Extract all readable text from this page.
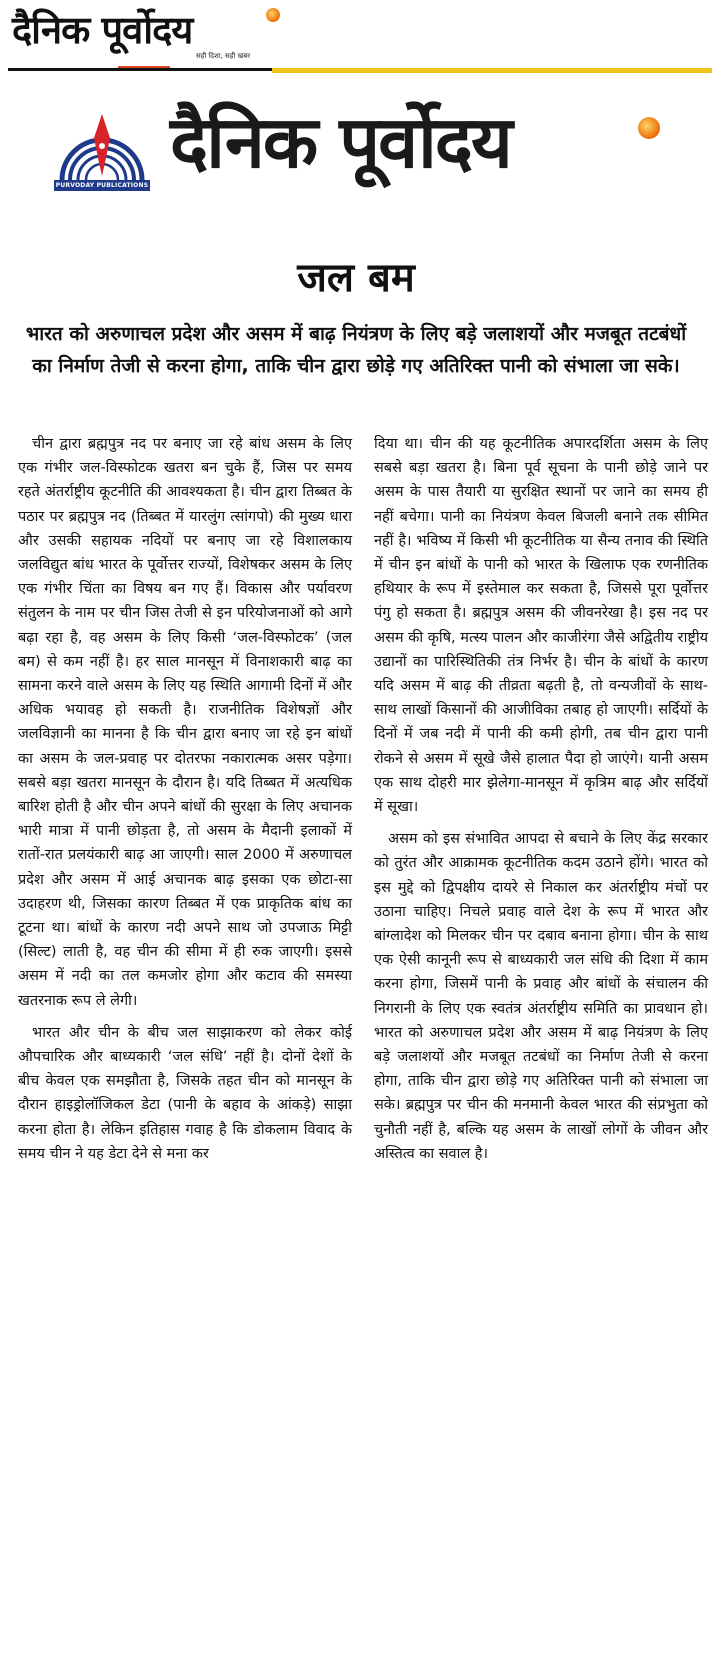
दैनिक पूर्वोदय
सही दिशा, सही खबर
PURVODAY PUBLICATIONS
दैनिक पूर्वोदय
जल बम
भारत को अरुणाचल प्रदेश और असम में बाढ़ नियंत्रण के लिए बड़े जलाशयों और मजबूत तटबंधों का निर्माण तेजी से करना होगा, ताकि चीन द्वारा छोड़े गए अतिरिक्त पानी को संभाला जा सके।

चीन द्वारा ब्रह्मपुत्र नद पर बनाए जा रहे बांध असम के लिए एक गंभीर जल-विस्फोटक खतरा बन चुके हैं, जिस पर समय रहते अंतर्राष्ट्रीय कूटनीति की आवश्यकता है। चीन द्वारा तिब्बत के पठार पर ब्रह्मपुत्र नद (तिब्बत में यारलुंग त्सांगपो) की मुख्य धारा और उसकी सहायक नदियों पर बनाए जा रहे विशालकाय जलविद्युत बांध भारत के पूर्वोत्तर राज्यों, विशेषकर असम के लिए एक गंभीर चिंता का विषय बन गए हैं। विकास और पर्यावरण संतुलन के नाम पर चीन जिस तेजी से इन परियोजनाओं को आगे बढ़ा रहा है, वह असम के लिए किसी ‘जल-विस्फोटक’ (जल बम) से कम नहीं है। हर साल मानसून में विनाशकारी बाढ़ का सामना करने वाले असम के लिए यह स्थिति आगामी दिनों में और अधिक भयावह हो सकती है। राजनीतिक विशेषज्ञों और जलविज्ञानी का मानना है कि चीन द्वारा बनाए जा रहे इन बांधों का असम के जल-प्रवाह पर दोतरफा नकारात्मक असर पड़ेगा। सबसे बड़ा खतरा मानसून के दौरान है। यदि तिब्बत में अत्यधिक बारिश होती है और चीन अपने बांधों की सुरक्षा के लिए अचानक भारी मात्रा में पानी छोड़ता है, तो असम के मैदानी इलाकों में रातों-रात प्रलयंकारी बाढ़ आ जाएगी। साल 2000 में अरुणाचल प्रदेश और असम में आई अचानक बाढ़ इसका एक छोटा-सा उदाहरण थी, जिसका कारण तिब्बत में एक प्राकृतिक बांध का टूटना था। बांधों के कारण नदी अपने साथ जो उपजाऊ मिट्टी (सिल्ट) लाती है, वह चीन की सीमा में ही रुक जाएगी। इससे असम में नदी का तल कमजोर होगा और कटाव की समस्या खतरनाक रूप ले लेगी।

भारत और चीन के बीच जल साझाकरण को लेकर कोई औपचारिक और बाध्यकारी ‘जल संधि’ नहीं है। दोनों देशों के बीच केवल एक समझौता है, जिसके तहत चीन को मानसून के दौरान हाइड्रोलॉजिकल डेटा (पानी के बहाव के आंकड़े) साझा करना होता है। लेकिन इतिहास गवाह है कि डोकलाम विवाद के समय चीन ने यह डेटा देने से मना कर

दिया था। चीन की यह कूटनीतिक अपारदर्शिता असम के लिए सबसे बड़ा खतरा है। बिना पूर्व सूचना के पानी छोड़े जाने पर असम के पास तैयारी या सुरक्षित स्थानों पर जाने का समय ही नहीं बचेगा। पानी का नियंत्रण केवल बिजली बनाने तक सीमित नहीं है। भविष्य में किसी भी कूटनीतिक या सैन्य तनाव की स्थिति में चीन इन बांधों के पानी को भारत के खिलाफ एक रणनीतिक हथियार के रूप में इस्तेमाल कर सकता है, जिससे पूरा पूर्वोत्तर पंगु हो सकता है। ब्रह्मपुत्र असम की जीवनरेखा है। इस नद पर असम की कृषि, मत्स्य पालन और काजीरंगा जैसे अद्वितीय राष्ट्रीय उद्यानों का पारिस्थितिकी तंत्र निर्भर है। चीन के बांधों के कारण यदि असम में बाढ़ की तीव्रता बढ़ती है, तो वन्यजीवों के साथ-साथ लाखों किसानों की आजीविका तबाह हो जाएगी। सर्दियों के दिनों में जब नदी में पानी की कमी होगी, तब चीन द्वारा पानी रोकने से असम में सूखे जैसे हालात पैदा हो जाएंगे। यानी असम एक साथ दोहरी मार झेलेगा-मानसून में कृत्रिम बाढ़ और सर्दियों में सूखा।

असम को इस संभावित आपदा से बचाने के लिए केंद्र सरकार को तुरंत और आक्रामक कूटनीतिक कदम उठाने होंगे। भारत को इस मुद्दे को द्विपक्षीय दायरे से निकाल कर अंतर्राष्ट्रीय मंचों पर उठाना चाहिए। निचले प्रवाह वाले देश के रूप में भारत और बांग्लादेश को मिलकर चीन पर दबाव बनाना होगा। चीन के साथ एक ऐसी कानूनी रूप से बाध्यकारी जल संधि की दिशा में काम करना होगा, जिसमें पानी के प्रवाह और बांधों के संचालन की निगरानी के लिए एक स्वतंत्र अंतर्राष्ट्रीय समिति का प्रावधान हो। भारत को अरुणाचल प्रदेश और असम में बाढ़ नियंत्रण के लिए बड़े जलाशयों और मजबूत तटबंधों का निर्माण तेजी से करना होगा, ताकि चीन द्वारा छोड़े गए अतिरिक्त पानी को संभाला जा सके। ब्रह्मपुत्र पर चीन की मनमानी केवल भारत की संप्रभुता को चुनौती नहीं है, बल्कि यह असम के लाखों लोगों के जीवन और अस्तित्व का सवाल है।
